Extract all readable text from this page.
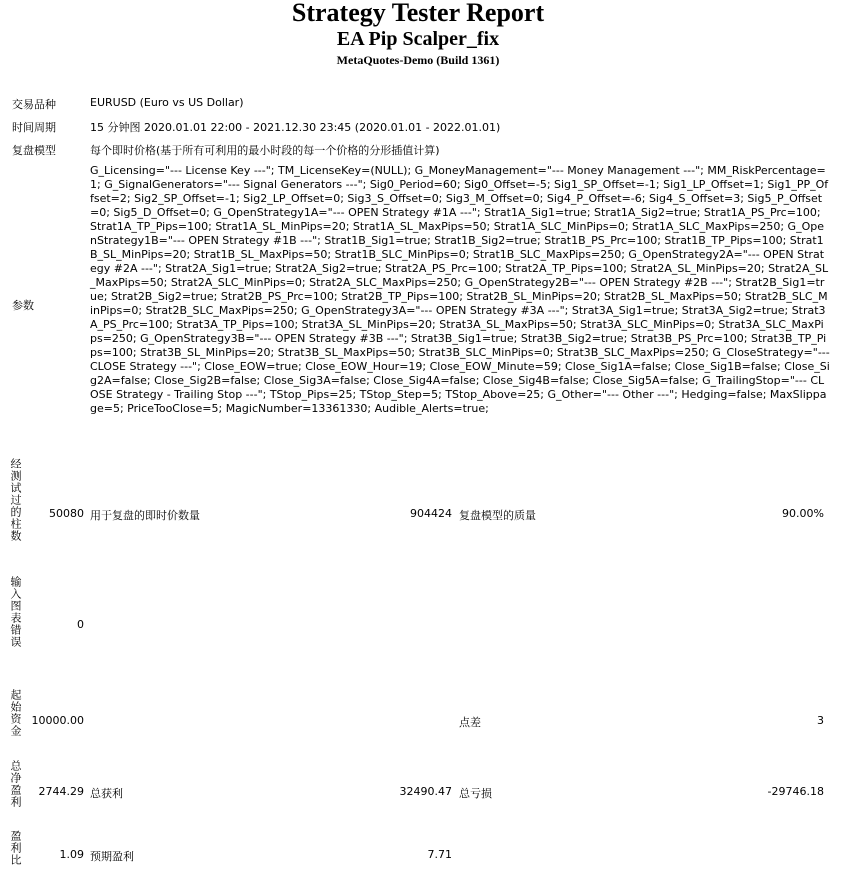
Strategy Tester Report
EA Pip Scalper_fix
MetaQuotes-Demo (Build 1361)
交易品种	EURUSD (Euro vs US Dollar)
时间周期	15 分钟图 2020.01.01 22:00 - 2021.12.30 23:45 (2020.01.01 - 2022.01.01)
复盘模型	每个即时价格(基于所有可利用的最小时段的每一个价格的分形插值计算)
参数
G_Licensing="--- License Key ---"; TM_LicenseKey=(NULL); G_MoneyManagement="--- Money Management ---"; MM_RiskPercentage=1; G_SignalGenerators="--- Signal Generators ---"; Sig0_Period=60; Sig0_Offset=-5; Sig1_SP_Offset=-1; Sig1_LP_Offset=1; Sig1_PP_Offset=2; Sig2_SP_Offset=-1; Sig2_LP_Offset=0; Sig3_S_Offset=0; Sig3_M_Offset=0; Sig4_P_Offset=-6; Sig4_S_Offset=3; Sig5_P_Offset=0; Sig5_D_Offset=0; G_OpenStrategy1A="--- OPEN Strategy #1A ---"; Strat1A_Sig1=true; Strat1A_Sig2=true; Strat1A_PS_Prc=100; Strat1A_TP_Pips=100; Strat1A_SL_MinPips=20; Strat1A_SL_MaxPips=50; Strat1A_SLC_MinPips=0; Strat1A_SLC_MaxPips=250; G_OpenStrategy1B="--- OPEN Strategy #1B ---"; Strat1B_Sig1=true; Strat1B_Sig2=true; Strat1B_PS_Prc=100; Strat1B_TP_Pips=100; Strat1B_SL_MinPips=20; Strat1B_SL_MaxPips=50; Strat1B_SLC_MinPips=0; Strat1B_SLC_MaxPips=250; G_OpenStrategy2A="--- OPEN Strategy #2A ---"; Strat2A_Sig1=true; Strat2A_Sig2=true; Strat2A_PS_Prc=100; Strat2A_TP_Pips=100; Strat2A_SL_MinPips=20; Strat2A_SL_MaxPips=50; Strat2A_SLC_MinPips=0; Strat2A_SLC_MaxPips=250; G_OpenStrategy2B="--- OPEN Strategy #2B ---"; Strat2B_Sig1=true; Strat2B_Sig2=true; Strat2B_PS_Prc=100; Strat2B_TP_Pips=100; Strat2B_SL_MinPips=20; Strat2B_SL_MaxPips=50; Strat2B_SLC_MinPips=0; Strat2B_SLC_MaxPips=250; G_OpenStrategy3A="--- OPEN Strategy #3A ---"; Strat3A_Sig1=true; Strat3A_Sig2=true; Strat3A_PS_Prc=100; Strat3A_TP_Pips=100; Strat3A_SL_MinPips=20; Strat3A_SL_MaxPips=50; Strat3A_SLC_MinPips=0; Strat3A_SLC_MaxPips=250; G_OpenStrategy3B="--- OPEN Strategy #3B ---"; Strat3B_Sig1=true; Strat3B_Sig2=true; Strat3B_PS_Prc=100; Strat3B_TP_Pips=100; Strat3B_SL_MinPips=20; Strat3B_SL_MaxPips=50; Strat3B_SLC_MinPips=0; Strat3B_SLC_MaxPips=250; G_CloseStrategy="--- CLOSE Strategy ---"; Close_EOW=true; Close_EOW_Hour=19; Close_EOW_Minute=59; Close_Sig1A=false; Close_Sig1B=false; Close_Sig2A=false; Close_Sig2B=false; Close_Sig3A=false; Close_Sig4A=false; Close_Sig4B=false; Close_Sig5A=false; G_TrailingStop="--- CLOSE Strategy - Trailing Stop ---"; TStop_Pips=25; TStop_Step=5; TStop_Above=25; G_Other="--- Other ---"; Hedging=false; MaxSlippage=5; PriceTooClose=5; MagicNumber=13361330; Audible_Alerts=true;
经测试过的柱数	50080 用于复盘的即时价数量	904424 复盘模型的质量	90.00%
输入图表错误	0
起始资金 10000.00	点差	3
总净盈利	2744.29 总获利	32490.47 总亏损	-29746.18
盈利比	1.09 预期盈利	7.71
